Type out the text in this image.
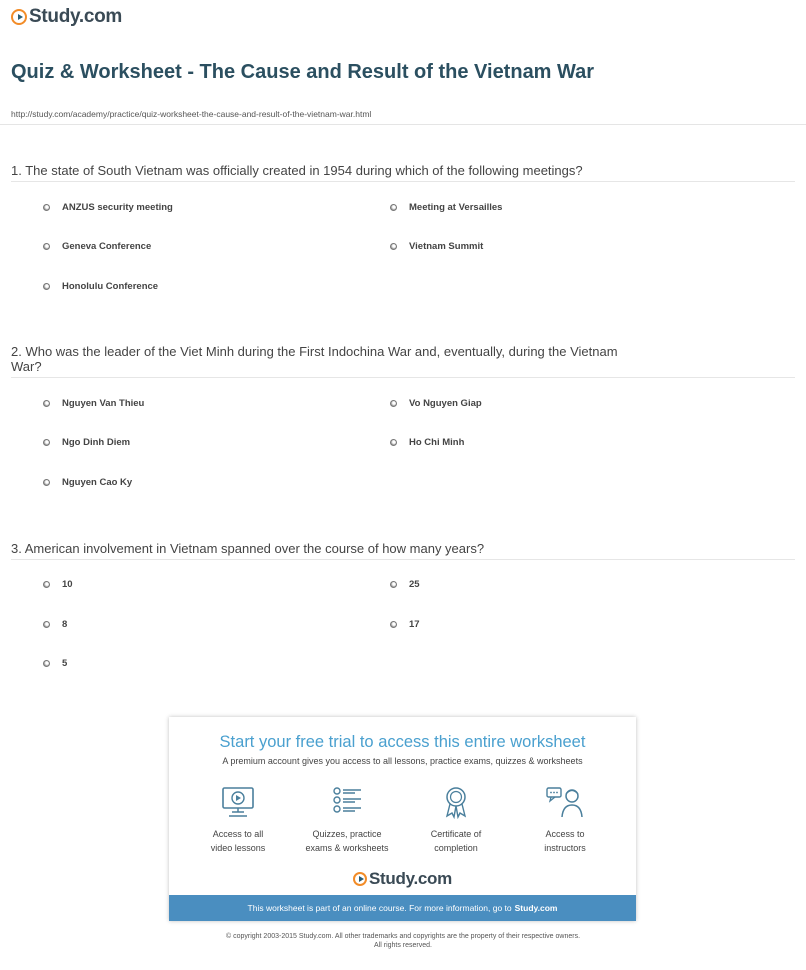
Study.com
Quiz & Worksheet - The Cause and Result of the Vietnam War
http://study.com/academy/practice/quiz-worksheet-the-cause-and-result-of-the-vietnam-war.html
1. The state of South Vietnam was officially created in 1954 during which of the following meetings?
ANZUS security meeting	Meeting at Versailles
Geneva Conference	Vietnam Summit
Honolulu Conference
2. Who was the leader of the Viet Minh during the First Indochina War and, eventually, during the Vietnam War?
Nguyen Van Thieu	Vo Nguyen Giap
Ngo Dinh Diem	Ho Chi Minh
Nguyen Cao Ky
3. American involvement in Vietnam spanned over the course of how many years?
10	25
8	17
5
Start your free trial to access this entire worksheet
A premium account gives you access to all lessons, practice exams, quizzes & worksheets
Access to all
video lessons
Quizzes, practice
exams & worksheets
Certificate of
completion
Access to
instructors
Study.com
This worksheet is part of an online course. For more information, go to Study.com
© copyright 2003-2015 Study.com. All other trademarks and copyrights are the property of their respective owners.
All rights reserved.
